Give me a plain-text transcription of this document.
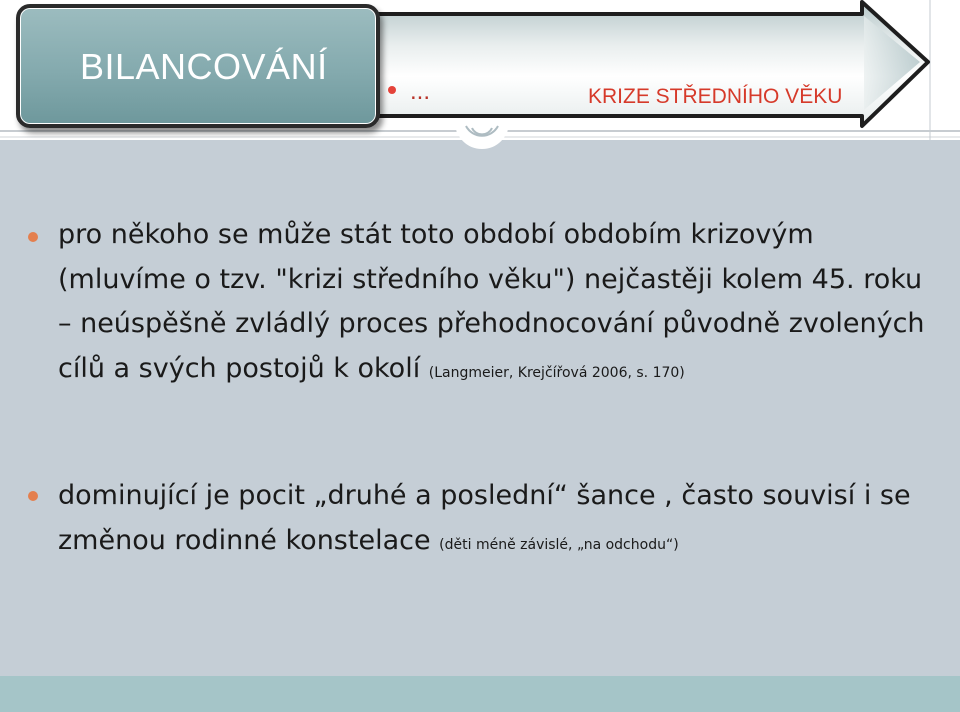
BILANCOVÁNÍ
...	KRIZE STŘEDNÍHO VĚKU
pro někoho se může stát toto období obdobím krizovým (mluvíme o tzv. "krizi středního věku") nejčastěji kolem 45. roku – neúspěšně zvládlý proces přehodnocování původně zvolených cílů a svých postojů k okolí (Langmeier, Krejčířová 2006, s. 170)
dominující je pocit „druhé a poslední“ šance , často souvisí i se změnou rodinné konstelace (děti méně závislé, „na odchodu“)
